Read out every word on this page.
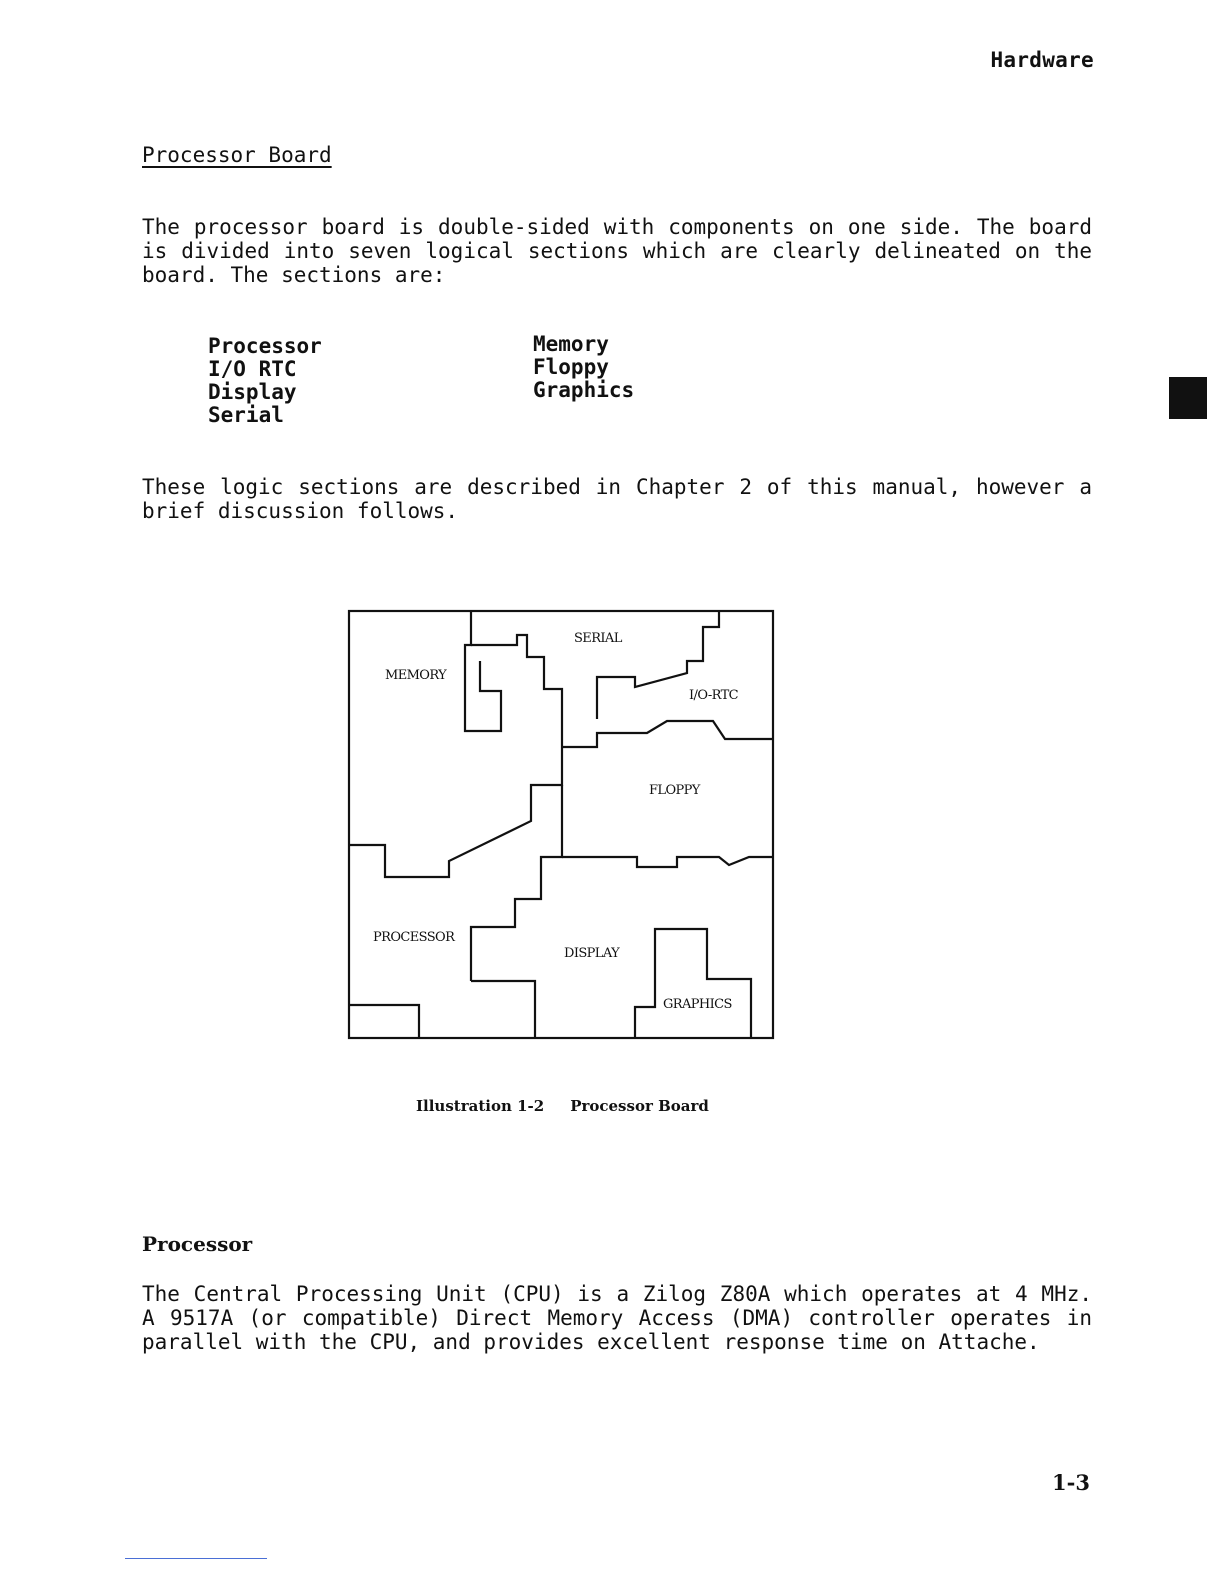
Hardware
Processor Board
The processor board is double-sided with components on one side. The board is divided into seven logical sections which are clearly delineated on the board. The sections are:
Processor
I/O RTC
Display
Serial
Memory
Floppy
Graphics
These logic sections are described in Chapter 2 of this manual, however a brief discussion follows.
MEMORY
SERIAL
I/O-RTC
FLOPPY
PROCESSOR
DISPLAY
GRAPHICS
Illustration 1-2 Processor Board
Processor
The Central Processing Unit (CPU) is a Zilog Z80A which operates at 4 MHz. A 9517A (or compatible) Direct Memory Access (DMA) controller operates in parallel with the CPU, and provides excellent response time on Attache.
1-3
